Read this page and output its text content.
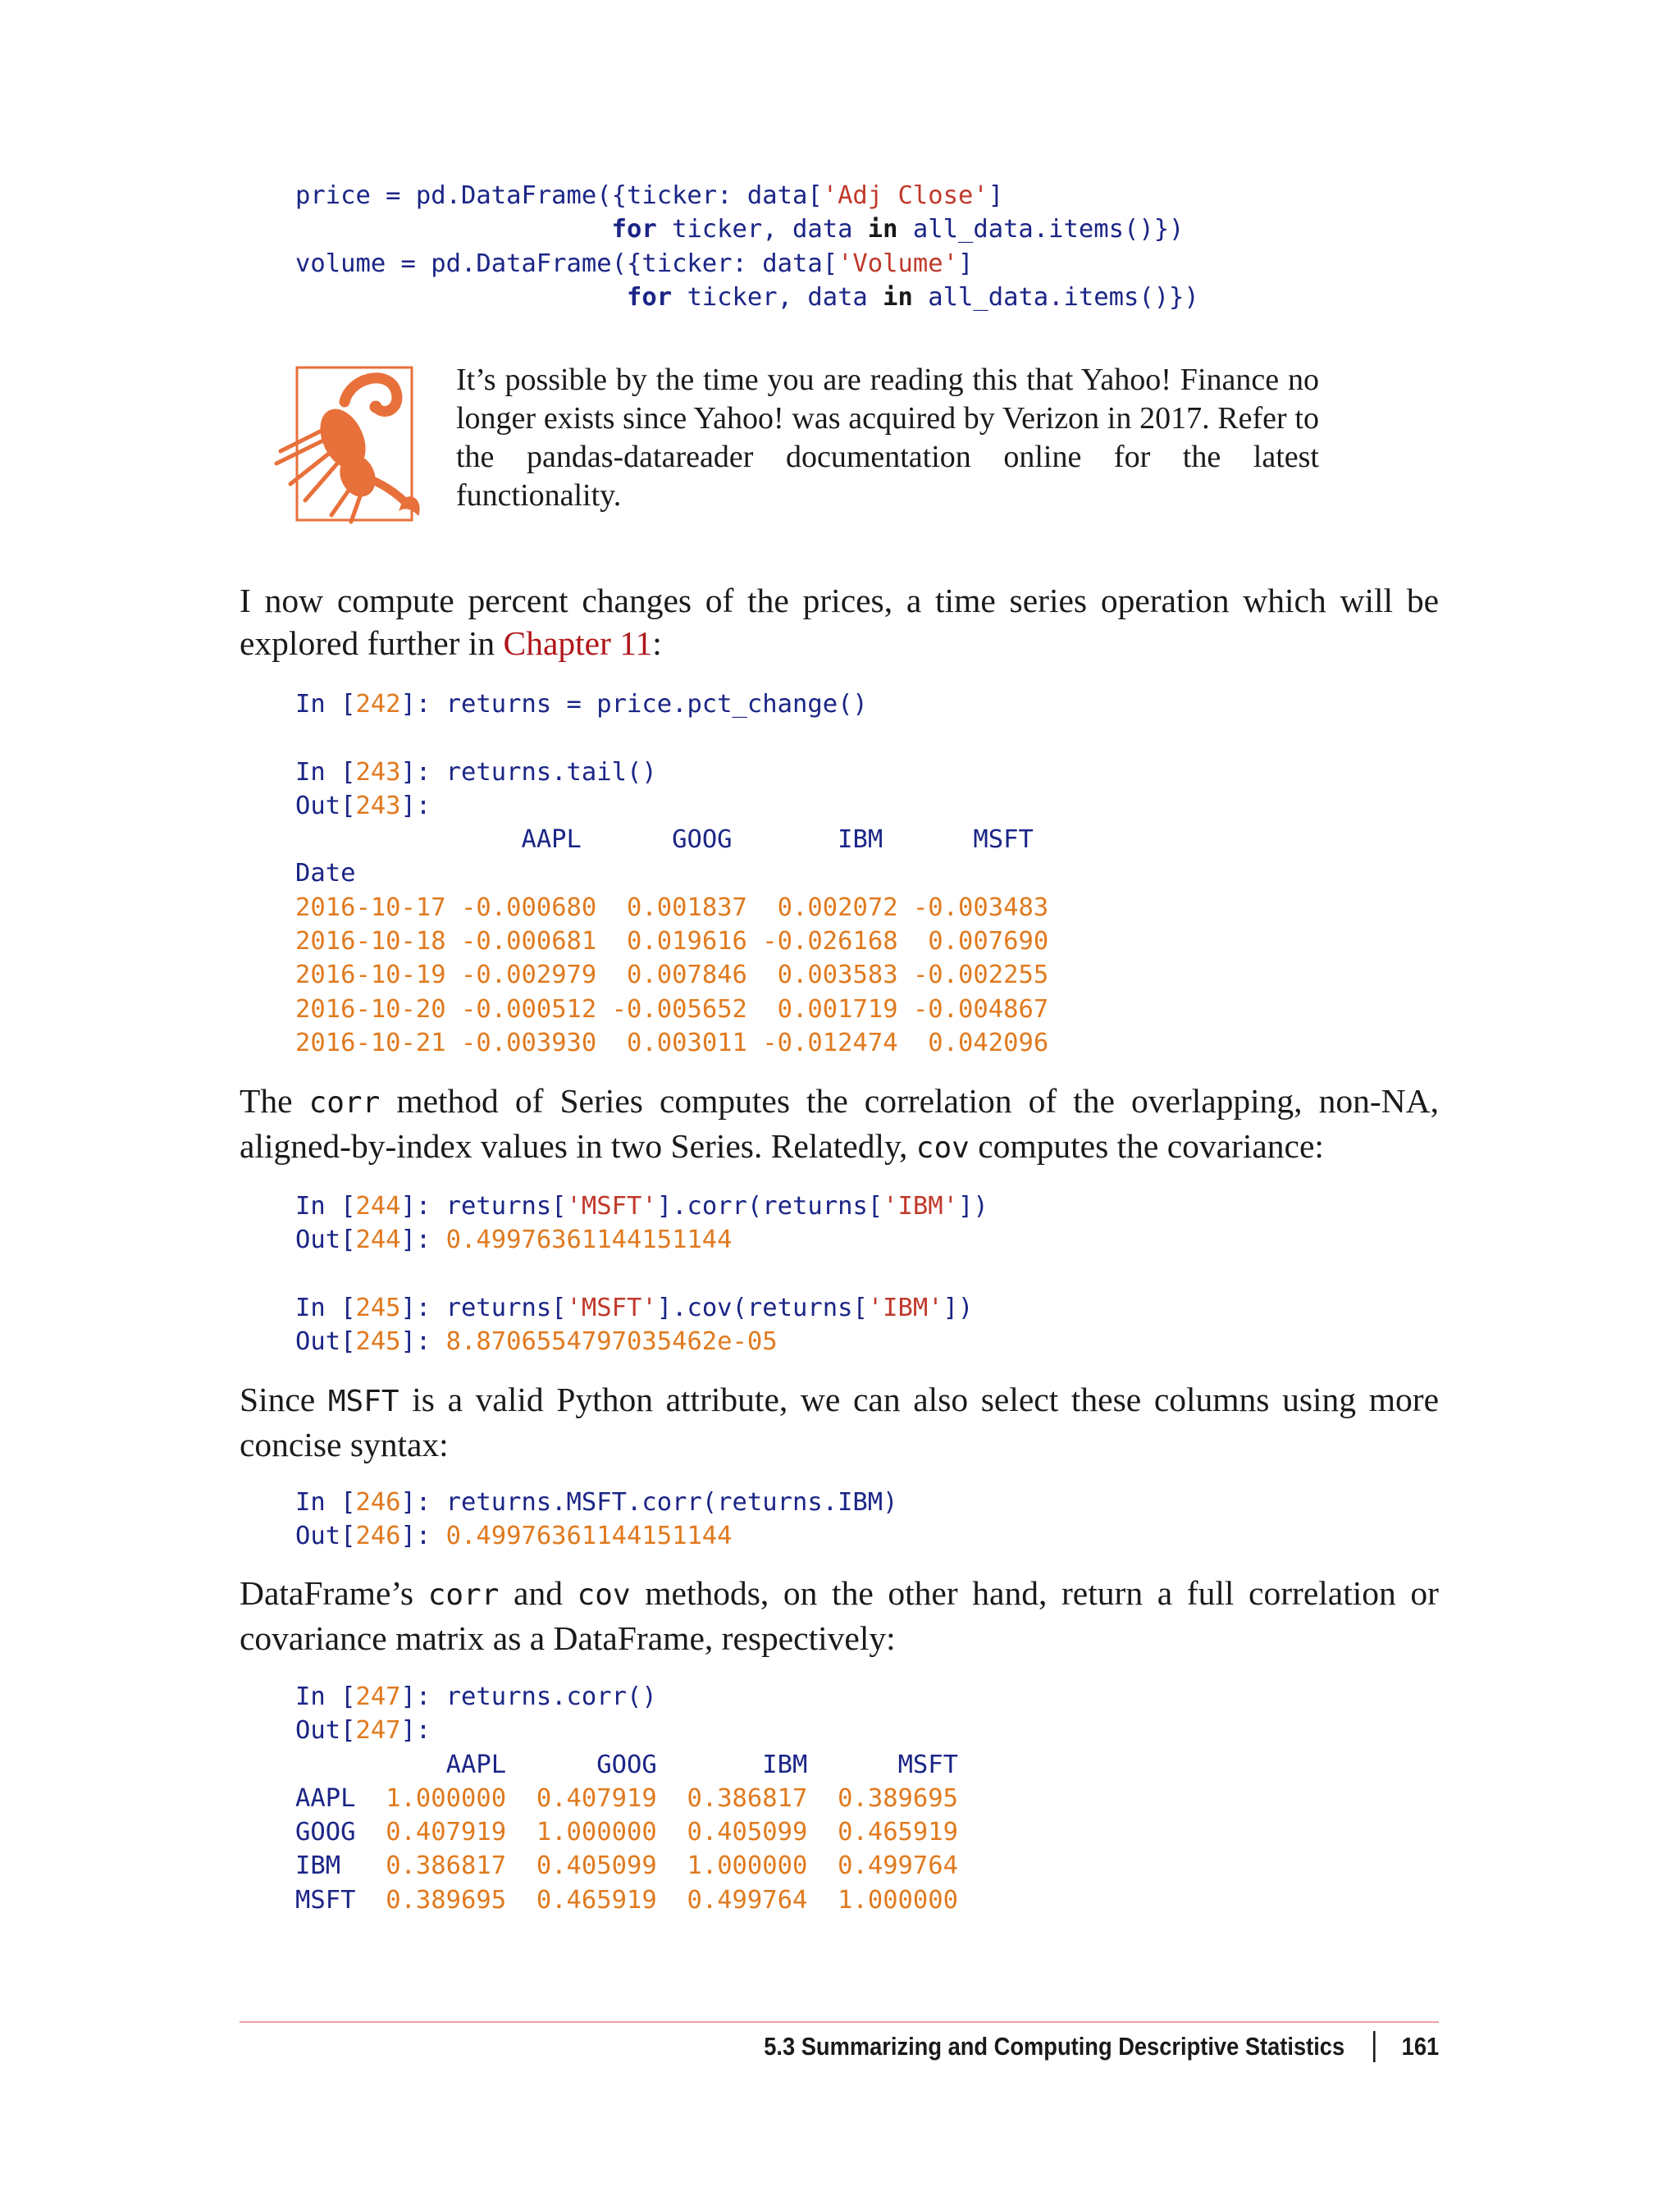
price = pd.DataFrame({ticker: data['Adj Close']
for ticker, data in all_data.items()})
volume = pd.DataFrame({ticker: data['Volume']
for ticker, data in all_data.items()})
It’s possible by the time you are reading this that Yahoo! Finance no longer exists since Yahoo! was acquired by Verizon in 2017. Refer to the pandas-datareader documentation online for the latest functionality.
I now compute percent changes of the prices, a time series operation which will be explored further in Chapter 11:
In [242]: returns = price.pct_change()

In [243]: returns.tail()
Out[243]:
AAPL	GOOG	IBM	MSFT
Date
2016-10-17 -0.000680 0.001837 0.002072 -0.003483
2016-10-18 -0.000681 0.019616 -0.026168 0.007690
2016-10-19 -0.002979 0.007846 0.003583 -0.002255
2016-10-20 -0.000512 -0.005652 0.001719 -0.004867
2016-10-21 -0.003930 0.003011 -0.012474 0.042096
The corr method of Series computes the correlation of the overlapping, non-NA, aligned-by-index values in two Series. Relatedly, cov computes the covariance:
In [244]: returns['MSFT'].corr(returns['IBM'])
Out[244]: 0.49976361144151144

In [245]: returns['MSFT'].cov(returns['IBM'])
Out[245]: 8.8706554797035462e-05
Since MSFT is a valid Python attribute, we can also select these columns using more concise syntax:
In [246]: returns.MSFT.corr(returns.IBM)
Out[246]: 0.49976361144151144
DataFrame’s corr and cov methods, on the other hand, return a full correlation or covariance matrix as a DataFrame, respectively:
In [247]: returns.corr()
Out[247]:
AAPL	GOOG	IBM	MSFT
AAPL 1.000000 0.407919 0.386817 0.389695
GOOG 0.407919 1.000000 0.405099 0.465919
IBM 0.386817 0.405099 1.000000 0.499764
MSFT 0.389695 0.465919 0.499764 1.000000
5.3 Summarizing and Computing Descriptive Statistics 161
